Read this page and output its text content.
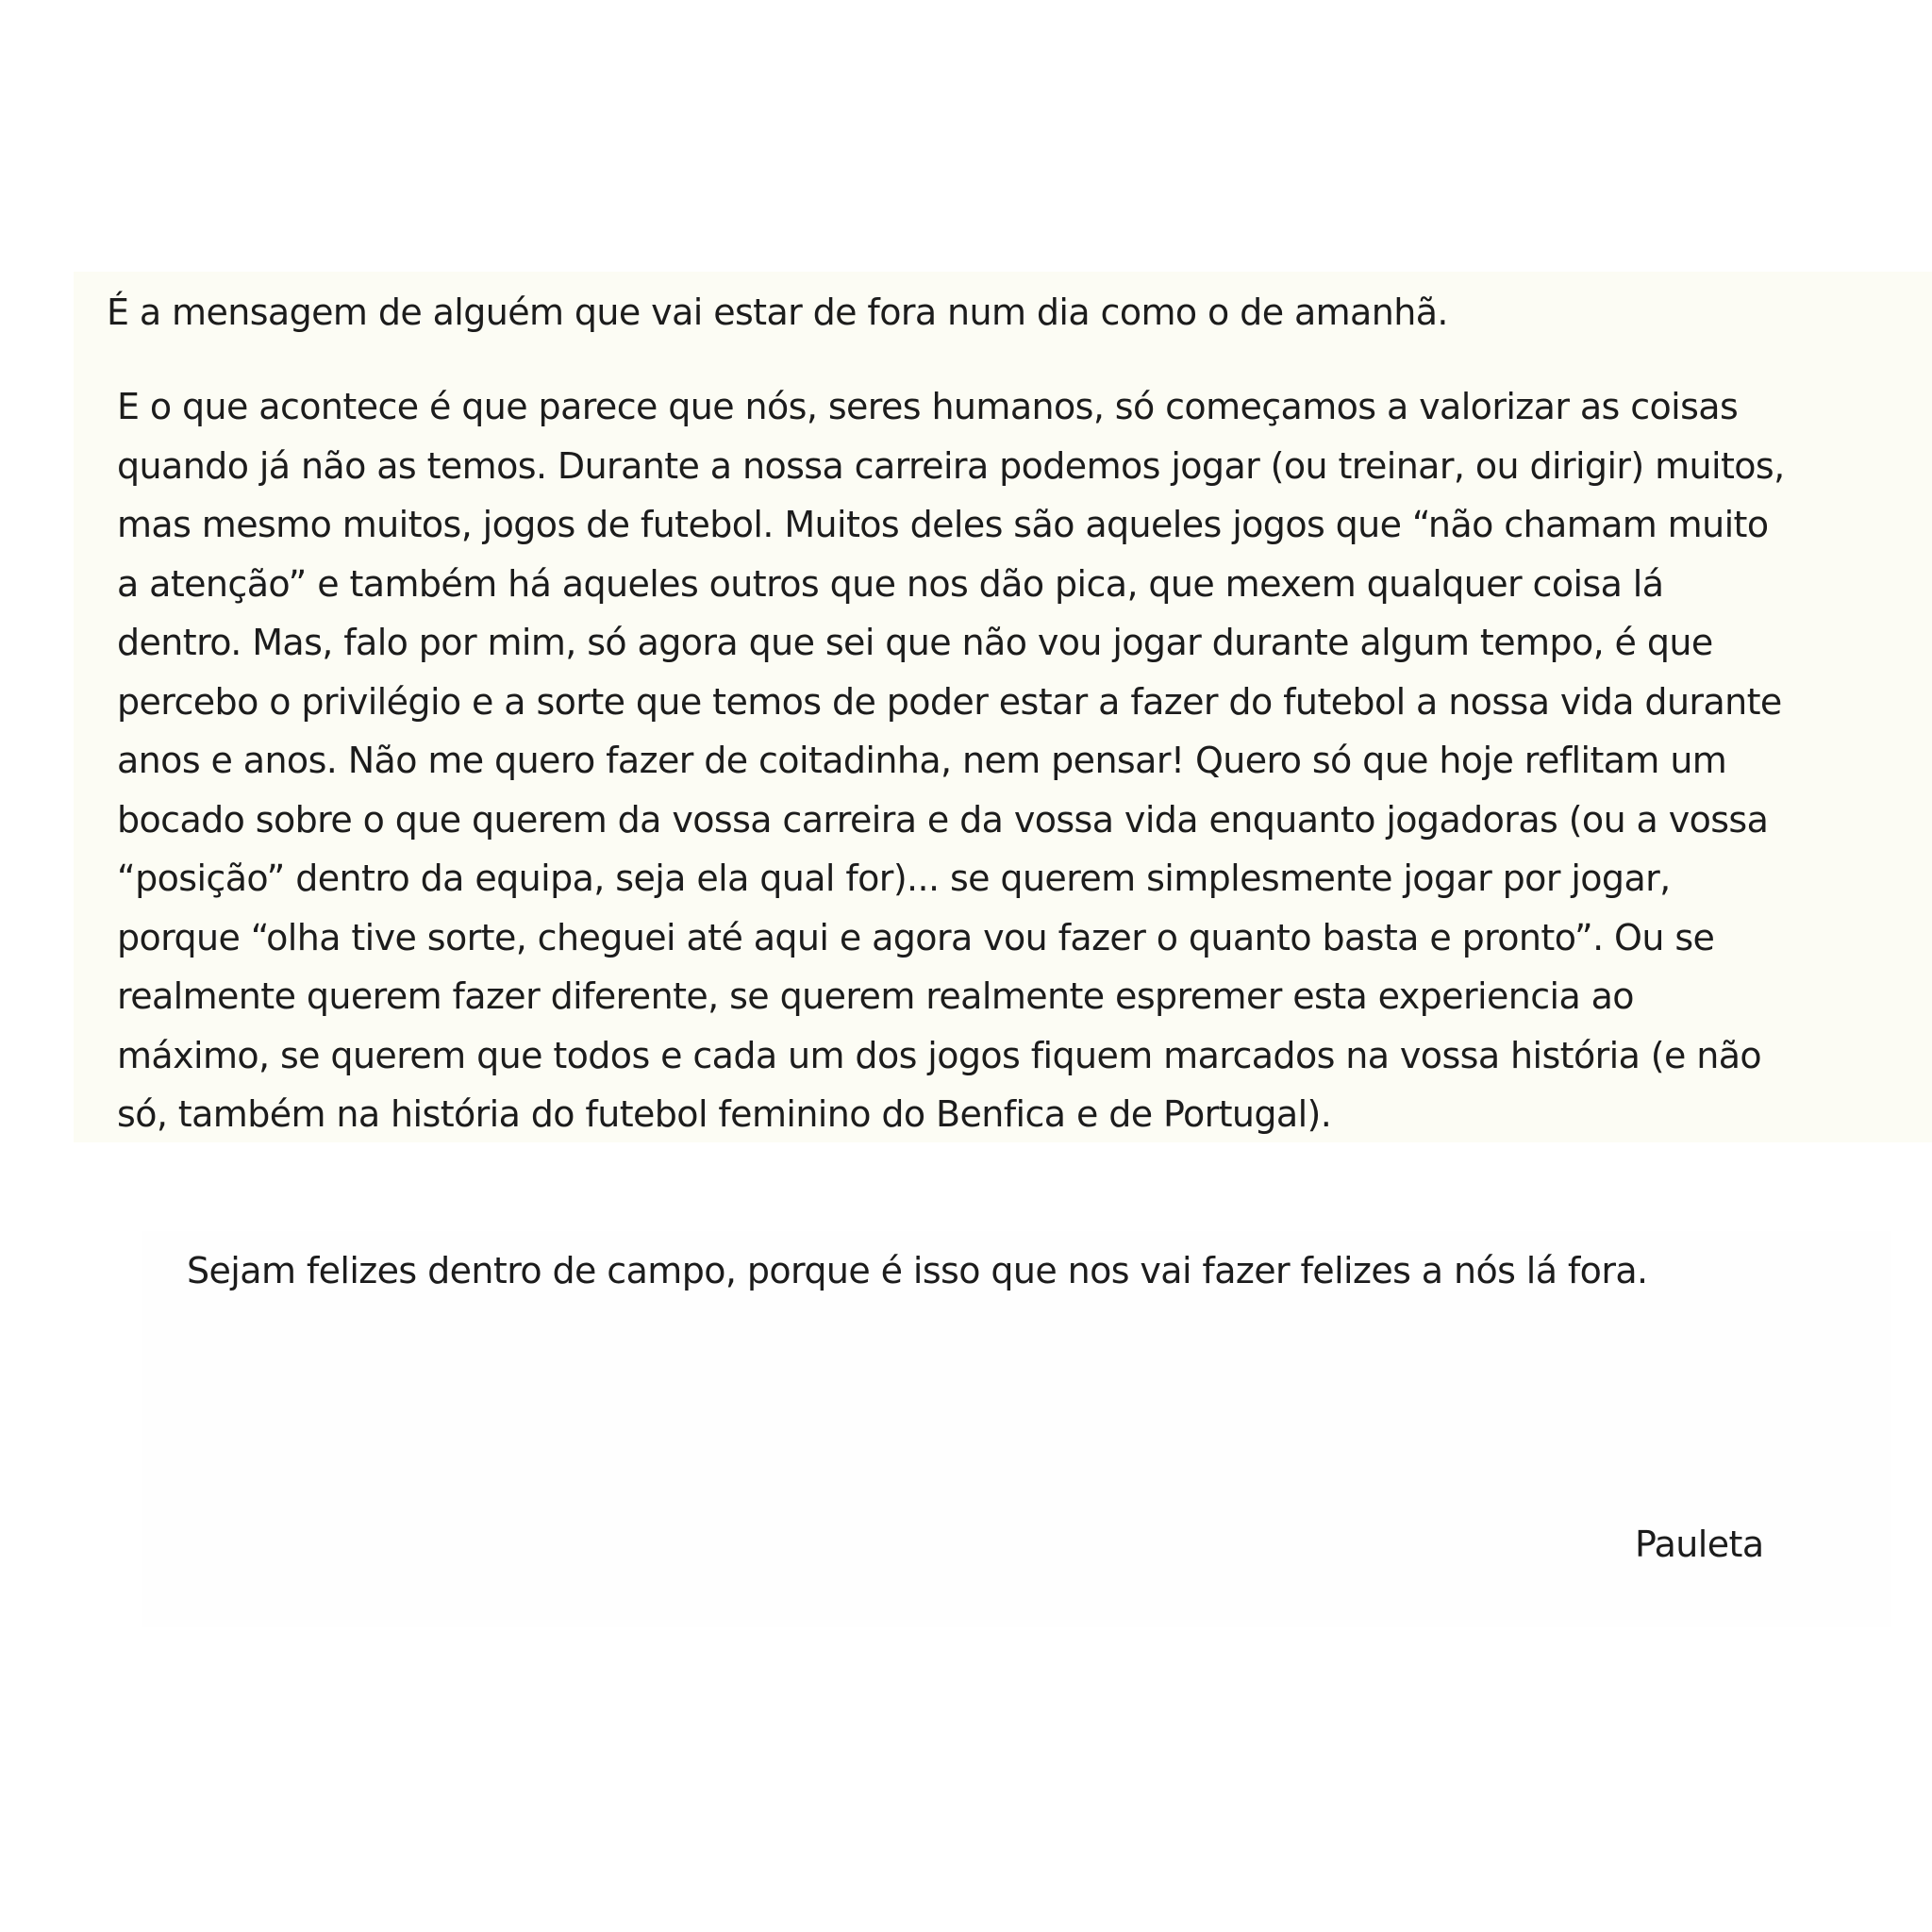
É a mensagem de alguém que vai estar de fora num dia como o de amanhã.

E o que acontece é que parece que nós, seres humanos, só começamos a valorizar as coisas
quando já não as temos. Durante a nossa carreira podemos jogar (ou treinar, ou dirigir) muitos,
mas mesmo muitos, jogos de futebol. Muitos deles são aqueles jogos que “não chamam muito
a atenção” e também há aqueles outros que nos dão pica, que mexem qualquer coisa lá
dentro. Mas, falo por mim, só agora que sei que não vou jogar durante algum tempo, é que
percebo o privilégio e a sorte que temos de poder estar a fazer do futebol a nossa vida durante
anos e anos. Não me quero fazer de coitadinha, nem pensar! Quero só que hoje reflitam um
bocado sobre o que querem da vossa carreira e da vossa vida enquanto jogadoras (ou a vossa
“posição” dentro da equipa, seja ela qual for)... se querem simplesmente jogar por jogar,
porque “olha tive sorte, cheguei até aqui e agora vou fazer o quanto basta e pronto”. Ou se
realmente querem fazer diferente, se querem realmente espremer esta experiencia ao
máximo, se querem que todos e cada um dos jogos fiquem marcados na vossa história (e não
só, também na história do futebol feminino do Benfica e de Portugal).

Sejam felizes dentro de campo, porque é isso que nos vai fazer felizes a nós lá fora.

Pauleta
